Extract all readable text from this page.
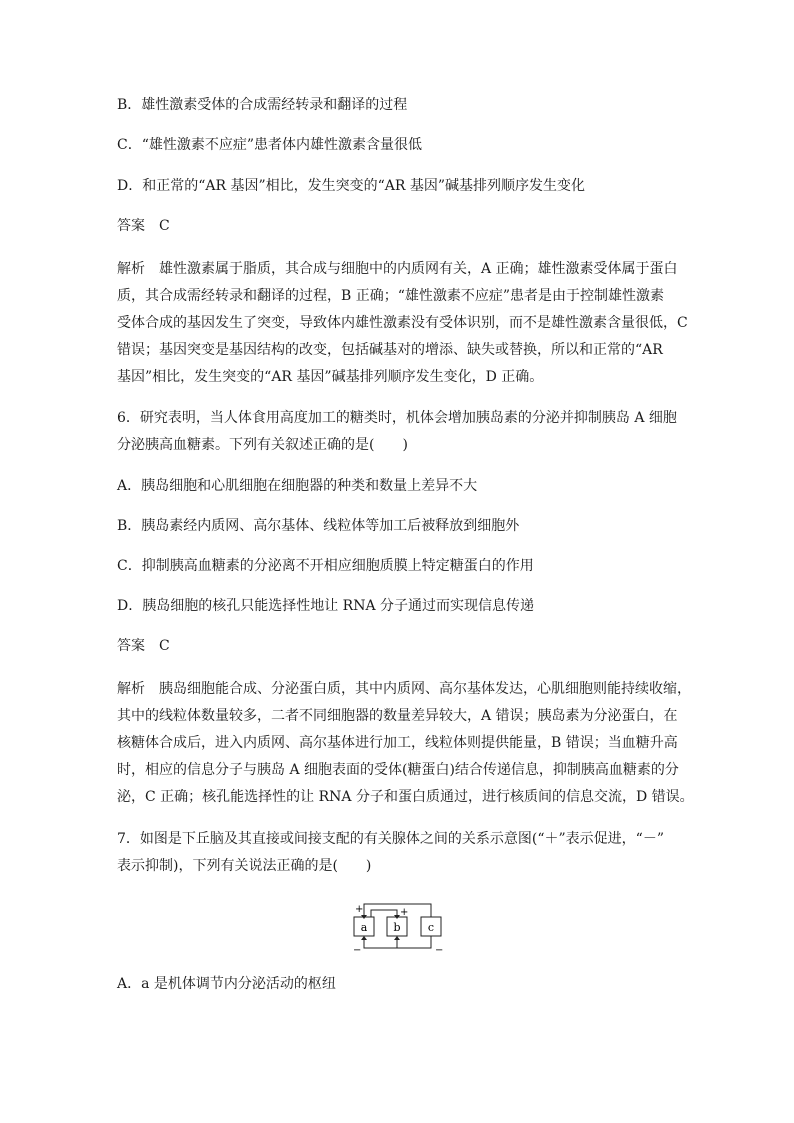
B．雄性激素受体的合成需经转录和翻译的过程
C．“雄性激素不应症”患者体内雄性激素含量很低
D．和正常的“AR 基因”相比，发生突变的“AR 基因”碱基排列顺序发生变化
答案　C
解析　雄性激素属于脂质，其合成与细胞中的内质网有关，A 正确；雄性激素受体属于蛋白
质，其合成需经转录和翻译的过程，B 正确；“雄性激素不应症”患者是由于控制雄性激素
受体合成的基因发生了突变，导致体内雄性激素没有受体识别，而不是雄性激素含量很低，C
错误；基因突变是基因结构的改变，包括碱基对的增添、缺失或替换，所以和正常的“AR
基因”相比，发生突变的“AR 基因”碱基排列顺序发生变化，D 正确。
6．研究表明，当人体食用高度加工的糖类时，机体会增加胰岛素的分泌并抑制胰岛 A 细胞
分泌胰高血糖素。下列有关叙述正确的是(　　)
A．胰岛细胞和心肌细胞在细胞器的种类和数量上差异不大
B．胰岛素经内质网、高尔基体、线粒体等加工后被释放到细胞外
C．抑制胰高血糖素的分泌离不开相应细胞质膜上特定糖蛋白的作用
D．胰岛细胞的核孔只能选择性地让 RNA 分子通过而实现信息传递
答案　C
解析　胰岛细胞能合成、分泌蛋白质，其中内质网、高尔基体发达，心肌细胞则能持续收缩，
其中的线粒体数量较多，二者不同细胞器的数量差异较大，A 错误；胰岛素为分泌蛋白，在
核糖体合成后，进入内质网、高尔基体进行加工，线粒体则提供能量，B 错误；当血糖升高
时，相应的信息分子与胰岛 A 细胞表面的受体(糖蛋白)结合传递信息，抑制胰高血糖素的分
泌，C 正确；核孔能选择性的让 RNA 分子和蛋白质通过，进行核质间的信息交流，D 错误。
7．如图是下丘脑及其直接或间接支配的有关腺体之间的关系示意图(“＋”表示促进，“－”
表示抑制)，下列有关说法正确的是(　　)
a b c
+	+
−	−
A．a 是机体调节内分泌活动的枢纽
